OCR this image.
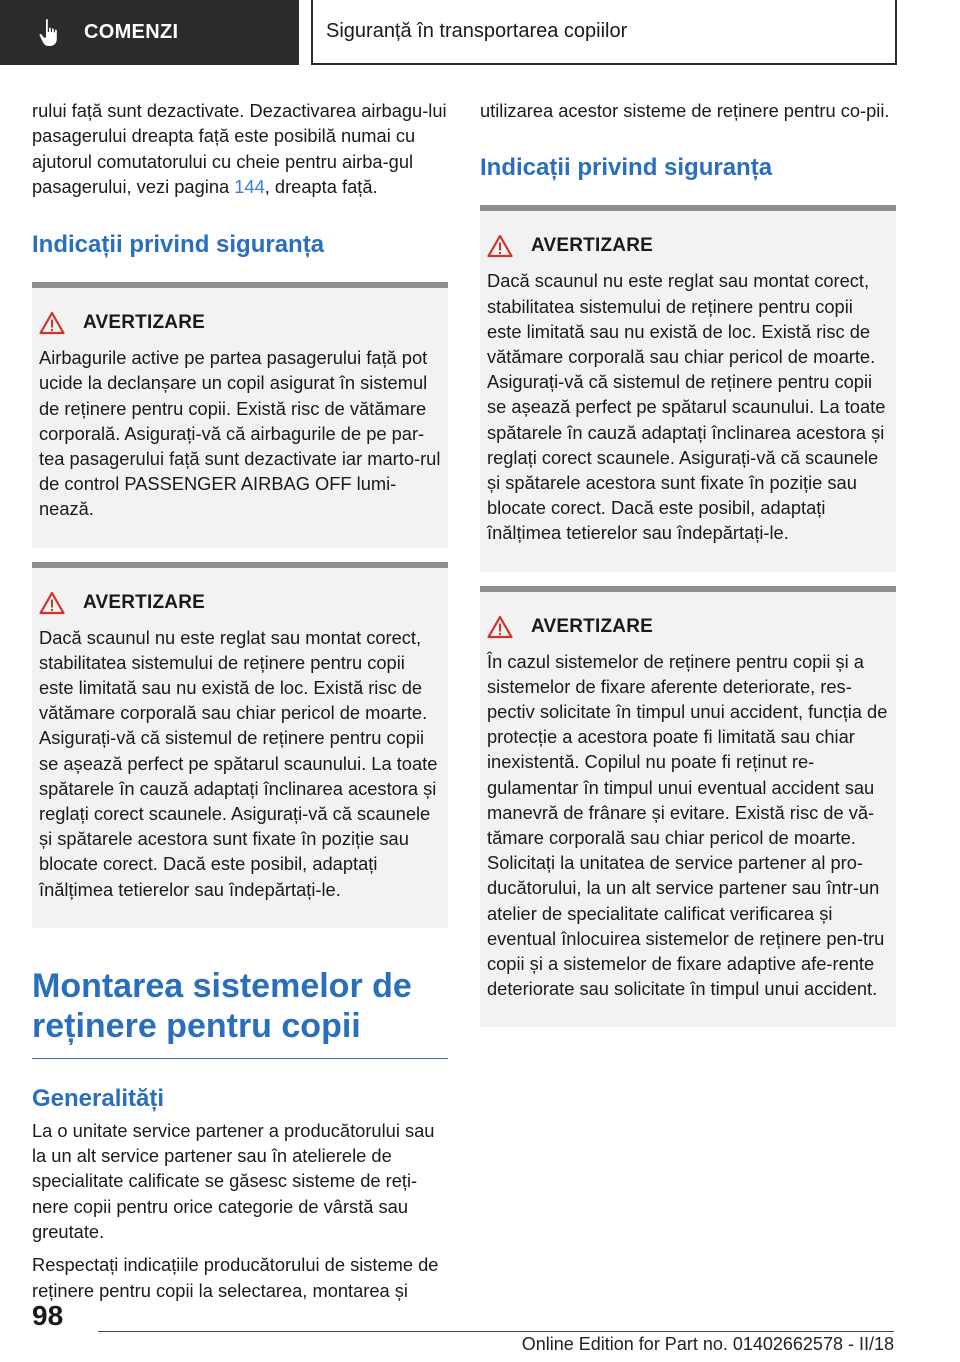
COMENZI	Siguranță în transportarea copiilor

rului față sunt dezactivate. Dezactivarea airbagu-lui pasagerului dreapta față este posibilă numai cu ajutorul comutatorului cu cheie pentru airba-gul pasagerului, vezi pagina 144, dreapta față.

Indicații privind siguranța
AVERTIZARE

Airbagurile active pe partea pasagerului față pot ucide la declanșare un copil asigurat în sistemul de reținere pentru copii. Există risc de vătămare corporală. Asigurați-vă că airbagurile de pe par-tea pasagerului față sunt dezactivate iar marto-rul de control PASSENGER AIRBAG OFF lumi-nează.

AVERTIZARE

Dacă scaunul nu este reglat sau montat corect, stabilitatea sistemului de reținere pentru copii este limitată sau nu există de loc. Există risc de vătămare corporală sau chiar pericol de moarte. Asigurați-vă că sistemul de reținere pentru copii se așează perfect pe spătarul scaunului. La toate spătarele în cauză adaptați înclinarea acestora și reglați corect scaunele. Asigurați-vă că scaunele și spătarele acestora sunt fixate în poziție sau blocate corect. Dacă este posibil, adaptați înălțimea tetierelor sau îndepărtați-le.

Montarea sistemelor de reținere pentru copii
Generalități

La o unitate service partener a producătorului sau la un alt service partener sau în atelierele de specialitate calificate se găsesc sisteme de reți-nere copii pentru orice categorie de vârstă sau greutate.

Respectați indicațiile producătorului de sisteme de reținere pentru copii la selectarea, montarea și

utilizarea acestor sisteme de reținere pentru co-pii.

Indicații privind siguranța
AVERTIZARE

Dacă scaunul nu este reglat sau montat corect, stabilitatea sistemului de reținere pentru copii este limitată sau nu există de loc. Există risc de vătămare corporală sau chiar pericol de moarte. Asigurați-vă că sistemul de reținere pentru copii se așează perfect pe spătarul scaunului. La toate spătarele în cauză adaptați înclinarea acestora și reglați corect scaunele. Asigurați-vă că scaunele și spătarele acestora sunt fixate în poziție sau blocate corect. Dacă este posibil, adaptați înălțimea tetierelor sau îndepărtați-le.

AVERTIZARE

În cazul sistemelor de reținere pentru copii și a sistemelor de fixare aferente deteriorate, res-pectiv solicitate în timpul unui accident, funcția de protecție a acestora poate fi limitată sau chiar inexistentă. Copilul nu poate fi reținut re-gulamentar în timpul unui eventual accident sau manevră de frânare și evitare. Există risc de vă-tămare corporală sau chiar pericol de moarte. Solicitați la unitatea de service partener al pro-ducătorului, la un alt service partener sau într-un atelier de specialitate calificat verificarea și eventual înlocuirea sistemelor de reținere pen-tru copii și a sistemelor de fixare adaptive afe-rente deteriorate sau solicitate în timpul unui accident.

98
Online Edition for Part no. 01402662578 - II/18
